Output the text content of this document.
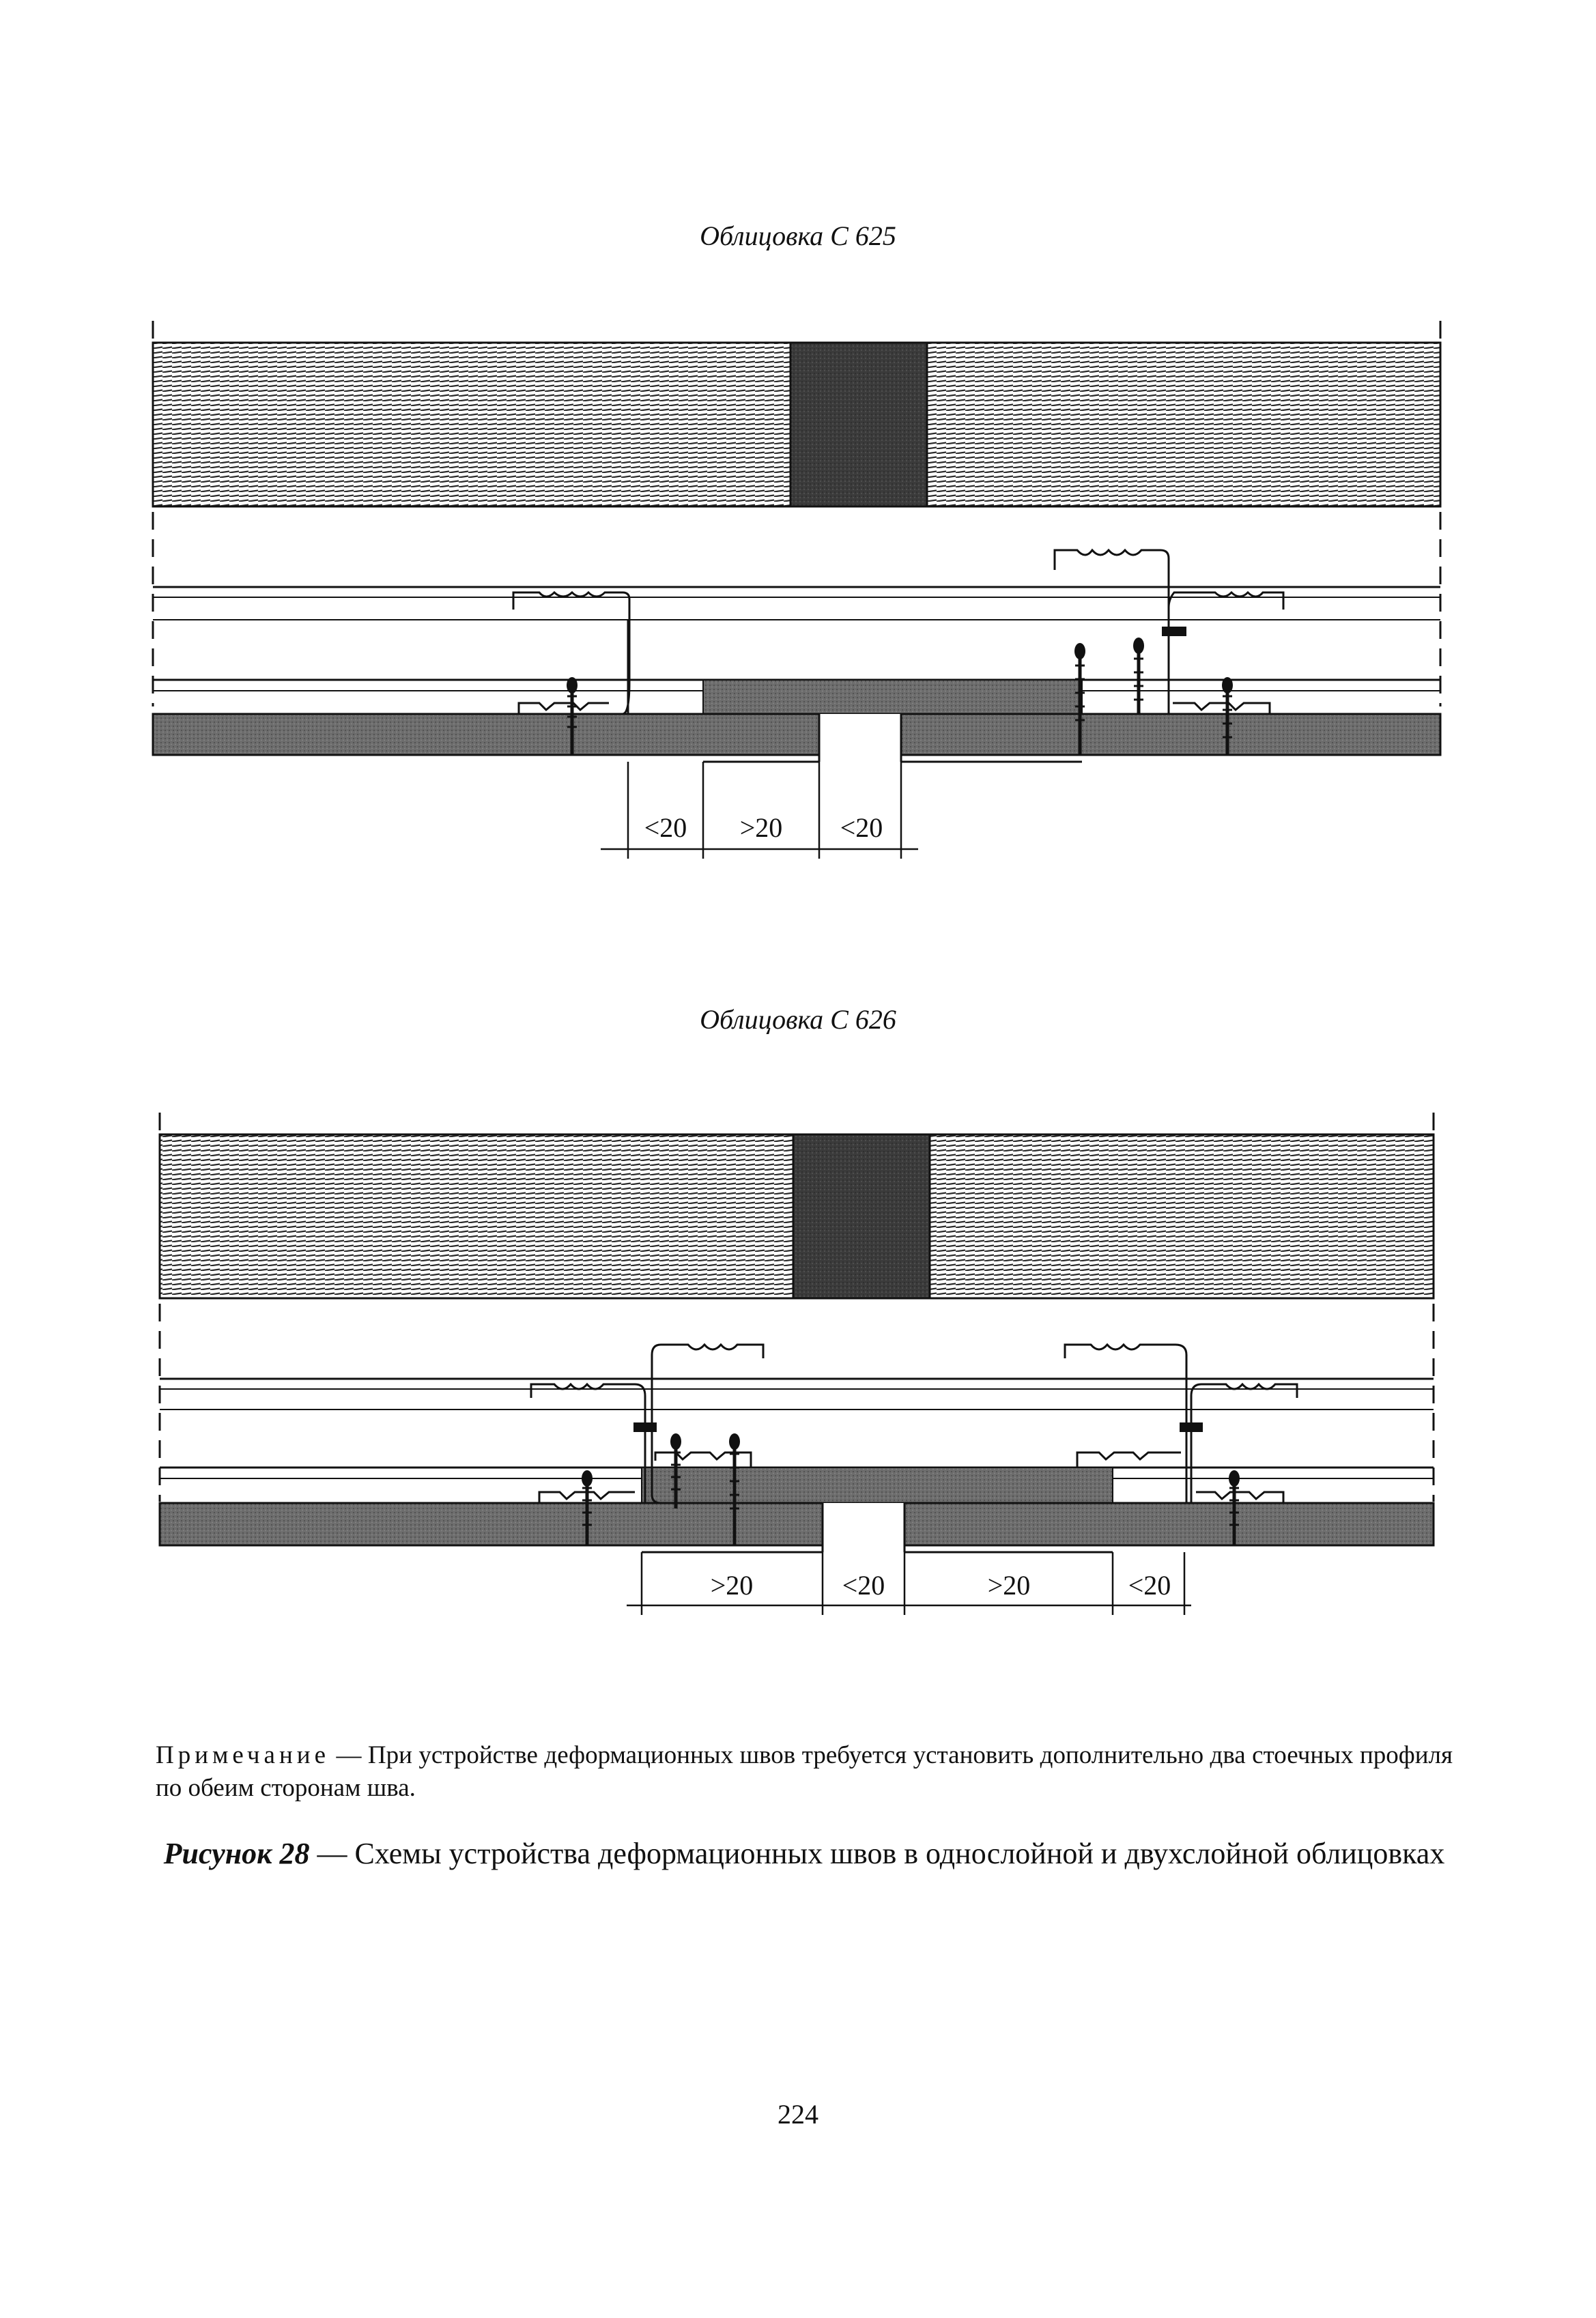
Облицовка С 625
Облицовка С 626
<20 >20 <20
>20	<20	>20	<20
Примечание — При устройстве деформационных швов требуется установить дополнительно два стоечных профиля по обеим сторонам шва.
Рисунок 28 — Схемы устройства деформационных швов в однослойной и двухслойной облицовках
224
